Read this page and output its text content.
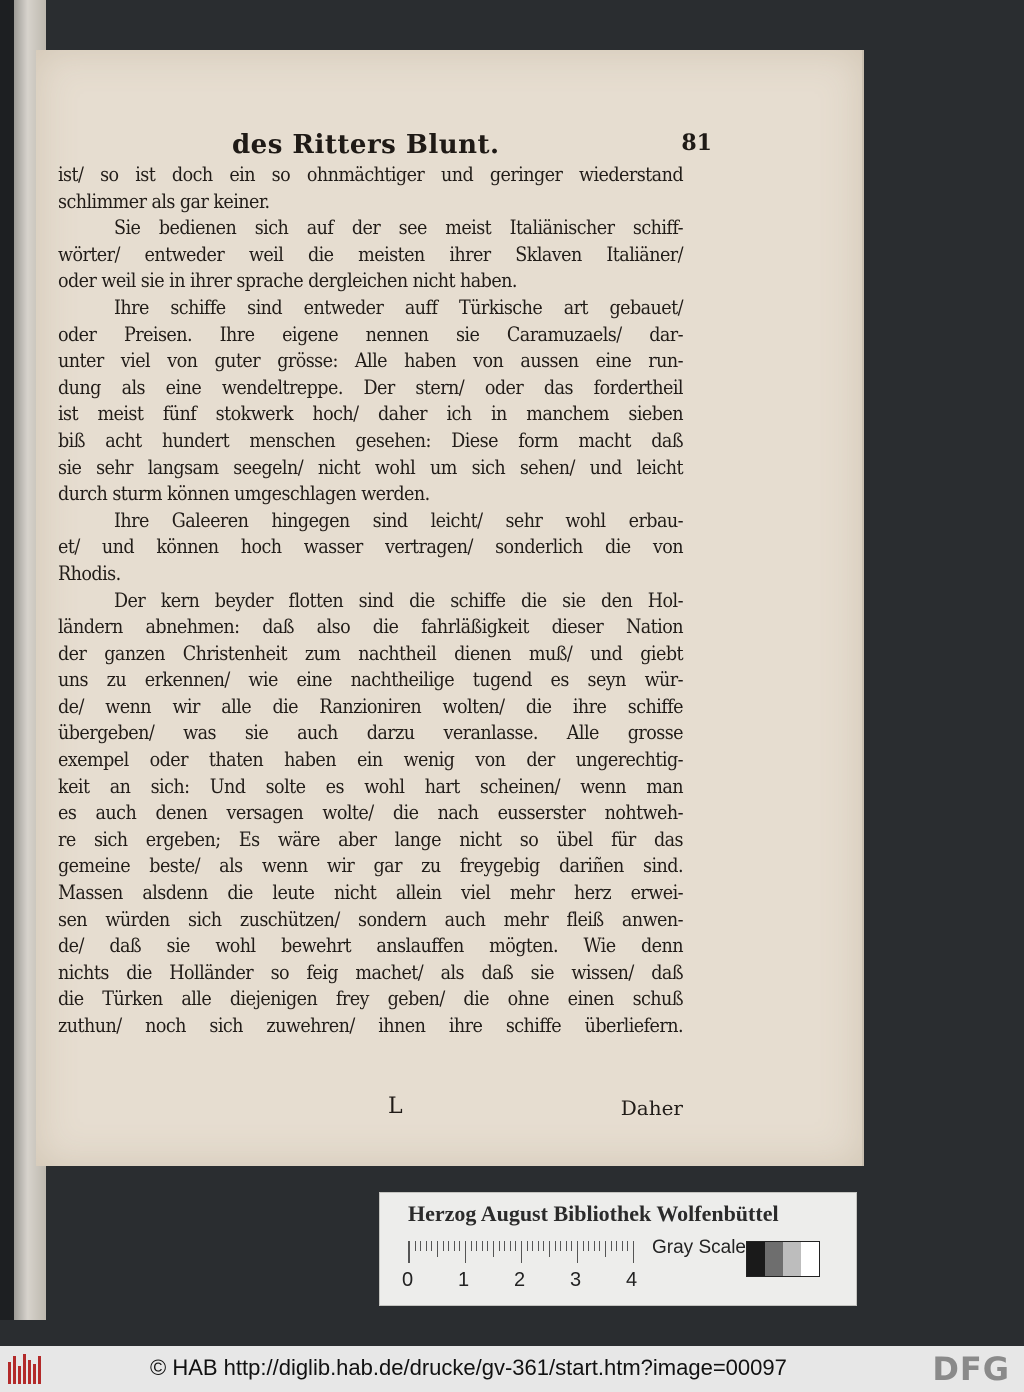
des Ritters Blunt.	81
ist/ so ist doch ein so ohnmächtiger und geringer wiederstand
schlimmer als gar keiner.
Sie bedienen sich auf der see meist Italiänischer schiff-
wörter/ entweder weil die meisten ihrer Sklaven Italiäner/
oder weil sie in ihrer sprache dergleichen nicht haben.
Ihre schiffe sind entweder auff Türkische art gebauet/
oder Preisen. Ihre eigene nennen sie Caramuzaels/ dar-
unter viel von guter grösse: Alle haben von aussen eine run-
dung als eine wendeltreppe. Der stern/ oder das fordertheil
ist meist fünf stokwerk hoch/ daher ich in manchem sieben
biß acht hundert menschen gesehen: Diese form macht daß
sie sehr langsam seegeln/ nicht wohl um sich sehen/ und leicht
durch sturm können umgeschlagen werden.
Ihre Galeeren hingegen sind leicht/ sehr wohl erbau-
et/ und können hoch wasser vertragen/ sonderlich die von
Rhodis.
Der kern beyder flotten sind die schiffe die sie den Hol-
ländern abnehmen: daß also die fahrläßigkeit dieser Nation
der ganzen Christenheit zum nachtheil dienen muß/ und giebt
uns zu erkennen/ wie eine nachtheilige tugend es seyn wür-
de/ wenn wir alle die Ranzioniren wolten/ die ihre schiffe
übergeben/ was sie auch darzu veranlasse. Alle grosse
exempel oder thaten haben ein wenig von der ungerechtig-
keit an sich: Und solte es wohl hart scheinen/ wenn man
es auch denen versagen wolte/ die nach eusserster nohtweh-
re sich ergeben; Es wäre aber lange nicht so übel für das
gemeine beste/ als wenn wir gar zu freygebig dariñen sind.
Massen alsdenn die leute nicht allein viel mehr herz erwei-
sen würden sich zuschützen/ sondern auch mehr fleiß anwen-
de/ daß sie wohl bewehrt anslauffen mögten. Wie denn
nichts die Holländer so feig machet/ als daß sie wissen/ daß
die Türken alle diejenigen frey geben/ die ohne einen schuß
zuthun/ noch sich zuwehren/ ihnen ihre schiffe überliefern.
L	Daher
Herzog August Bibliothek Wolfenbüttel
0 1 2 3 4
Gray Scale
© HAB http://diglib.hab.de/drucke/gv-361/start.htm?image=00097	DFG
